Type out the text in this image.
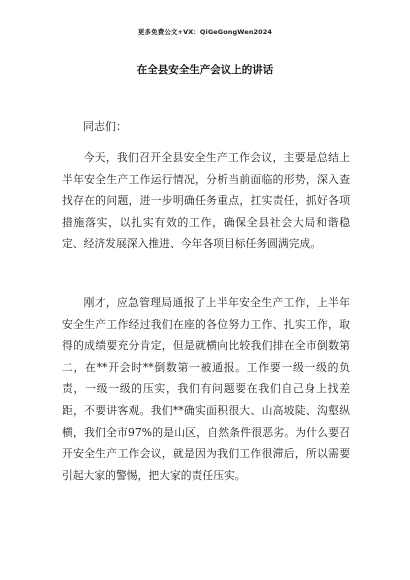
更多免费公文+VX：QiGeGongWen2024
在全县安全生产会议上的讲话
同志们：
今天，我们召开全县安全生产工作会议，主要是总结上半年安全生产工作运行情况，分析当前面临的形势，深入查找存在的问题，进一步明确任务重点，扛实责任，抓好各项措施落实，以扎实有效的工作，确保全县社会大局和谐稳定、经济发展深入推进、今年各项目标任务圆满完成。
刚才，应急管理局通报了上半年安全生产工作，上半年安全生产工作经过我们在座的各位努力工作、扎实工作，取得的成绩要充分肯定，但是就横向比较我们排在全市倒数第二，在**开会时**倒数第一被通报。工作要一级一级的负责，一级一级的压实，我们有问题要在我们自己身上找差距，不要讲客观。我们**确实面积很大、山高坡陡、沟壑纵横，我们全市97%的是山区，自然条件很恶劣。为什么要召开安全生产工作会议，就是因为我们工作很滞后，所以需要引起大家的警惕，把大家的责任压实。
